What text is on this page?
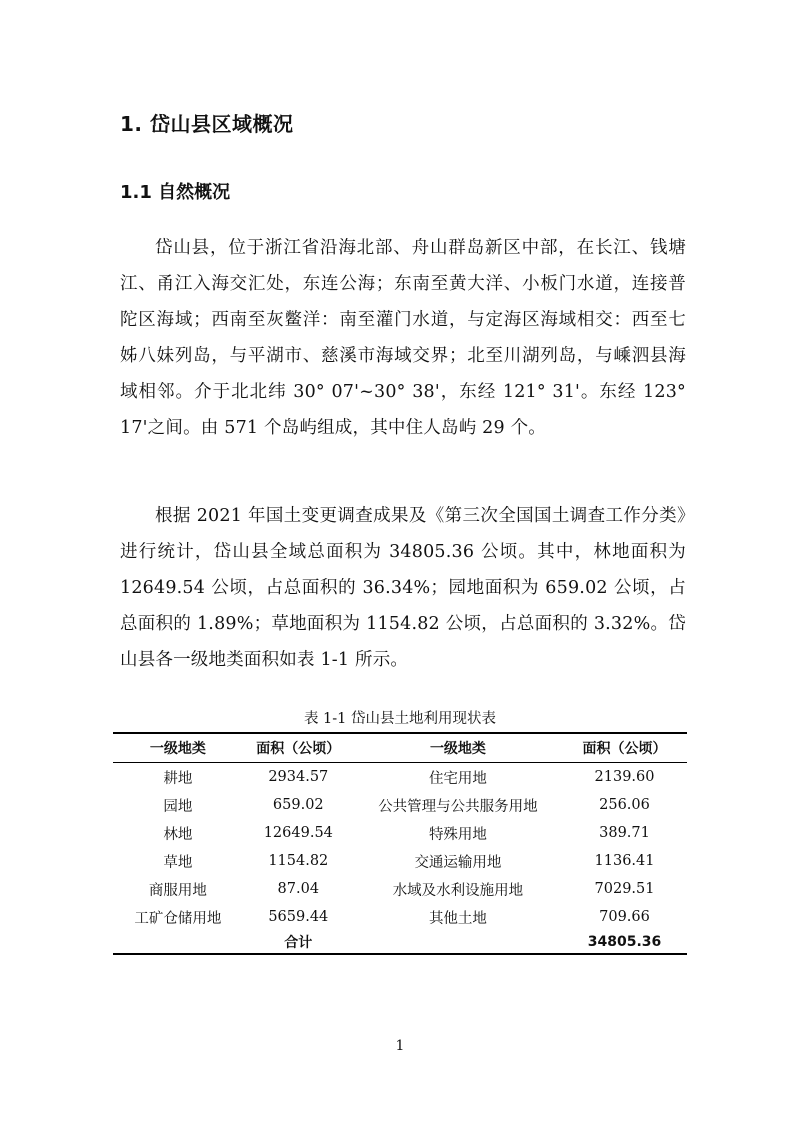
1. 岱山县区域概况
1.1 自然概况

岱山县，位于浙江省沿海北部、舟山群岛新区中部，在长江、钱塘江、甬江入海交汇处，东连公海；东南至黄大洋、小板门水道，连接普陀区海域；西南至灰鳖洋：南至灌门水道，与定海区海域相交：西至七姊八妹列岛，与平湖市、慈溪市海域交界；北至川湖列岛，与嵊泗县海域相邻。介于北北纬 30° 07'~30° 38'，东经 121° 31'。东经 123° 17'之间。由 571 个岛屿组成，其中住人岛屿 29 个。

根据 2021 年国土变更调查成果及《第三次全国国土调查工作分类》进行统计，岱山县全域总面积为 34805.36 公顷。其中，林地面积为 12649.54 公顷，占总面积的 36.34%；园地面积为 659.02 公顷，占总面积的 1.89%；草地面积为 1154.82 公顷，占总面积的 3.32%。岱山县各一级地类面积如表 1-1 所示。

表 1-1 岱山县土地利用现状表
一级地类	面积（公顷）	一级地类	面积（公顷）
耕地	2934.57	住宅用地	2139.60
园地	659.02	公共管理与公共服务用地	256.06
林地	12649.54	特殊用地	389.71
草地	1154.82	交通运输用地	1136.41
商服用地	87.04	水域及水利设施用地	7029.51
工矿仓储用地	5659.44	其他土地	709.66
	合计		34805.36
1
